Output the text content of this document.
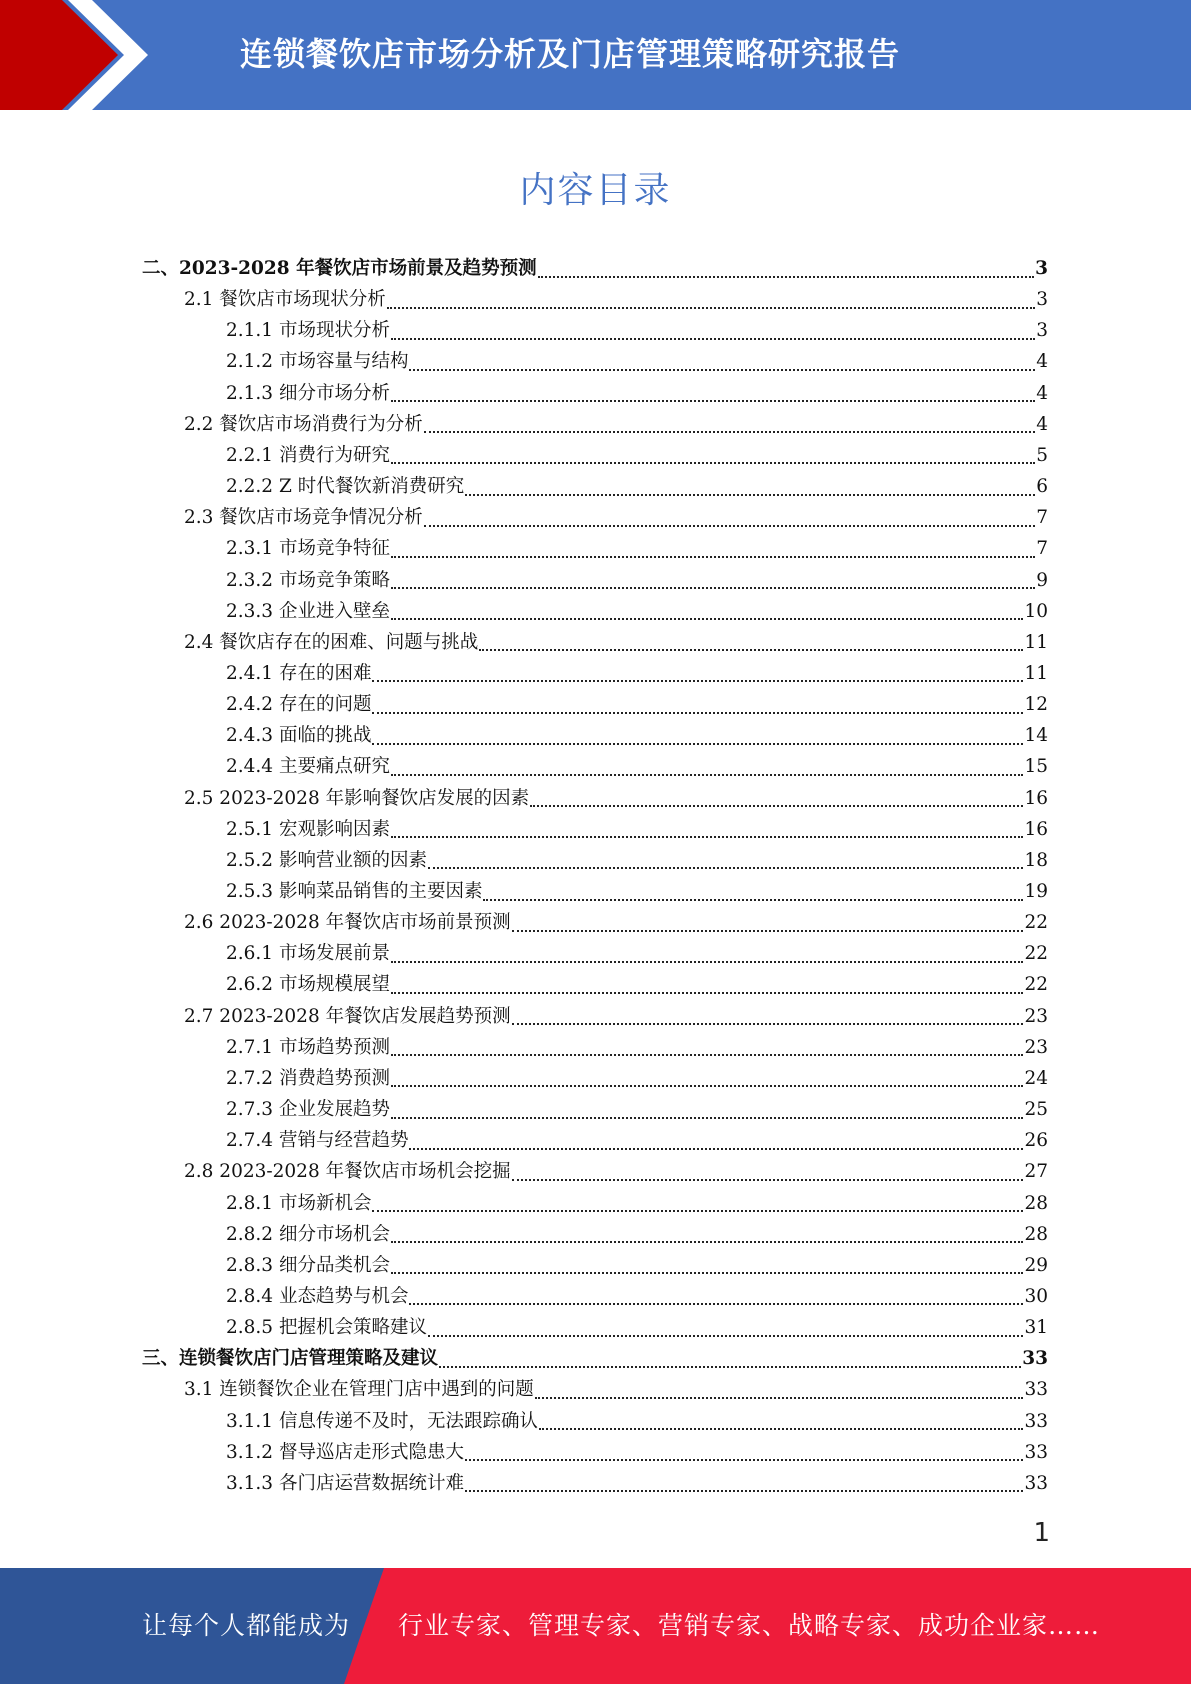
连锁餐饮店市场分析及门店管理策略研究报告
内容目录
二、2023-2028 年餐饮店市场前景及趋势预测	3
2.1 餐饮店市场现状分析	3
2.1.1 市场现状分析	3
2.1.2 市场容量与结构	4
2.1.3 细分市场分析	4
2.2 餐饮店市场消费行为分析	4
2.2.1 消费行为研究	5
2.2.2 Z 时代餐饮新消费研究	6
2.3 餐饮店市场竞争情况分析	7
2.3.1 市场竞争特征	7
2.3.2 市场竞争策略	9
2.3.3 企业进入壁垒	10
2.4 餐饮店存在的困难、问题与挑战	11
2.4.1 存在的困难	11
2.4.2 存在的问题	12
2.4.3 面临的挑战	14
2.4.4 主要痛点研究	15
2.5 2023-2028 年影响餐饮店发展的因素	16
2.5.1 宏观影响因素	16
2.5.2 影响营业额的因素	18
2.5.3 影响菜品销售的主要因素	19
2.6 2023-2028 年餐饮店市场前景预测	22
2.6.1 市场发展前景	22
2.6.2 市场规模展望	22
2.7 2023-2028 年餐饮店发展趋势预测	23
2.7.1 市场趋势预测	23
2.7.2 消费趋势预测	24
2.7.3 企业发展趋势	25
2.7.4 营销与经营趋势	26
2.8 2023-2028 年餐饮店市场机会挖掘	27
2.8.1 市场新机会	28
2.8.2 细分市场机会	28
2.8.3 细分品类机会	29
2.8.4 业态趋势与机会	30
2.8.5 把握机会策略建议	31
三、连锁餐饮店门店管理策略及建议	33
3.1 连锁餐饮企业在管理门店中遇到的问题	33
3.1.1 信息传递不及时，无法跟踪确认	33
3.1.2 督导巡店走形式隐患大	33
3.1.3 各门店运营数据统计难	33
1
让每个人都能成为 行业专家、管理专家、营销专家、战略专家、成功企业家……
